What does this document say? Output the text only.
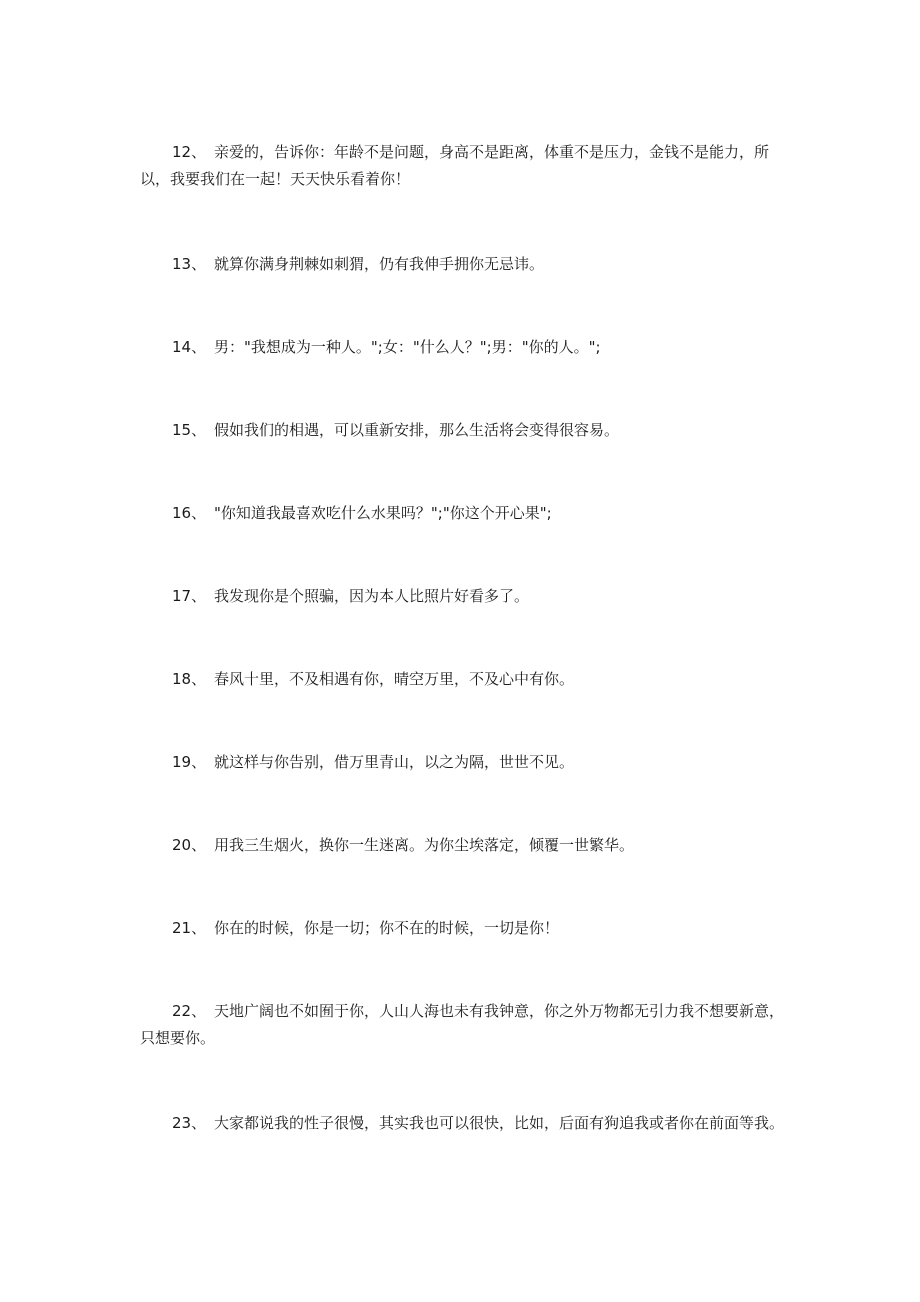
12、 亲爱的，告诉你：年龄不是问题，身高不是距离，体重不是压力，金钱不是能力，所以，我要我们在一起！天天快乐看着你！

13、 就算你满身荆棘如刺猬，仍有我伸手拥你无忌讳。

14、 男："我想成为一种人。";女："什么人？";男："你的人。";

15、 假如我们的相遇，可以重新安排，那么生活将会变得很容易。

16、 "你知道我最喜欢吃什么水果吗？";"你这个开心果";

17、 我发现你是个照骗，因为本人比照片好看多了。

18、 春风十里，不及相遇有你，晴空万里，不及心中有你。

19、 就这样与你告别，借万里青山，以之为隔，世世不见。

20、 用我三生烟火，换你一生迷离。为你尘埃落定，倾覆一世繁华。

21、 你在的时候，你是一切；你不在的时候，一切是你！

22、 天地广阔也不如囿于你，人山人海也未有我钟意，你之外万物都无引力我不想要新意，只想要你。

23、 大家都说我的性子很慢，其实我也可以很快，比如，后面有狗追我或者你在前面等我。
